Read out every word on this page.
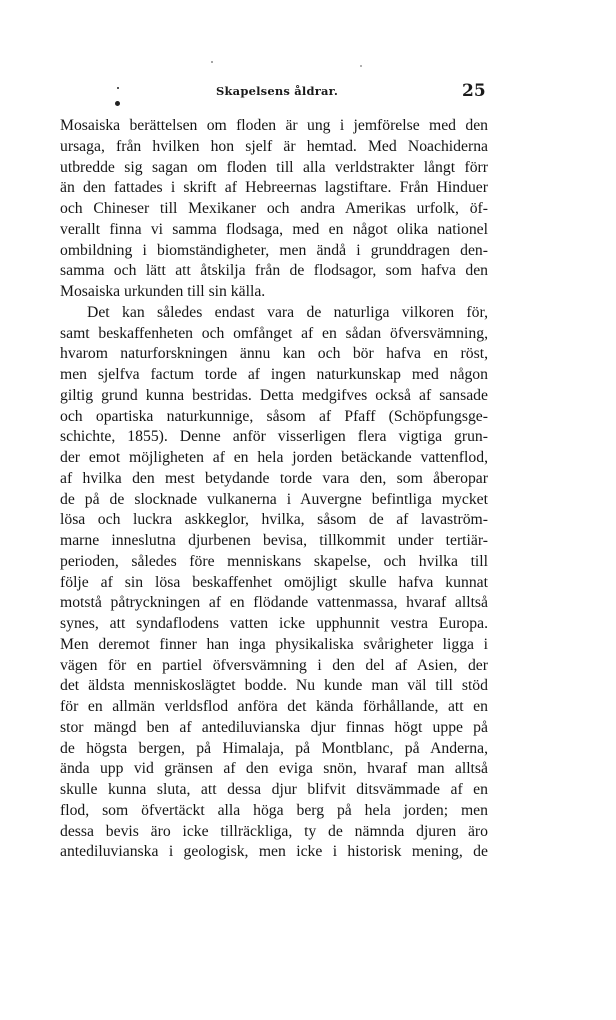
Skapelsens åldrar.	25
Mosaiska berättelsen om floden är ung i jemförelse med den
ursaga, från hvilken hon sjelf är hemtad. Med Noachiderna
utbredde sig sagan om floden till alla verldstrakter långt förr
än den fattades i skrift af Hebreernas lagstiftare. Från Hinduer
och Chineser till Mexikaner och andra Amerikas urfolk, öf-
verallt finna vi samma flodsaga, med en något olika nationel
ombildning i biomständigheter, men ändå i grunddragen den-
samma och lätt att åtskilja från de flodsagor, som hafva den
Mosaiska urkunden till sin källa.
Det kan således endast vara de naturliga vilkoren för,
samt beskaffenheten och omfånget af en sådan öfversvämning,
hvarom naturforskningen ännu kan och bör hafva en röst,
men sjelfva factum torde af ingen naturkunskap med någon
giltig grund kunna bestridas. Detta medgifves också af sansade
och opartiska naturkunnige, såsom af Pfaff (Schöpfungsge-
schichte, 1855). Denne anför visserligen flera vigtiga grun-
der emot möjligheten af en hela jorden betäckande vattenflod,
af hvilka den mest betydande torde vara den, som åberopar
de på de slocknade vulkanerna i Auvergne befintliga mycket
lösa och luckra askkeglor, hvilka, såsom de af lavaström-
marne inneslutna djurbenen bevisa, tillkommit under tertiär-
perioden, således före menniskans skapelse, och hvilka till
följe af sin lösa beskaffenhet omöjligt skulle hafva kunnat
motstå påtryckningen af en flödande vattenmassa, hvaraf alltså
synes, att syndaflodens vatten icke upphunnit vestra Europa.
Men deremot finner han inga physikaliska svårigheter ligga i
vägen för en partiel öfversvämning i den del af Asien, der
det äldsta menniskoslägtet bodde. Nu kunde man väl till stöd
för en allmän verldsflod anföra det kända förhållande, att en
stor mängd ben af antediluvianska djur finnas högt uppe på
de högsta bergen, på Himalaja, på Montblanc, på Anderna,
ända upp vid gränsen af den eviga snön, hvaraf man alltså
skulle kunna sluta, att dessa djur blifvit ditsvämmade af en
flod, som öfvertäckt alla höga berg på hela jorden; men
dessa bevis äro icke tillräckliga, ty de nämnda djuren äro
antediluvianska i geologisk, men icke i historisk mening, de
